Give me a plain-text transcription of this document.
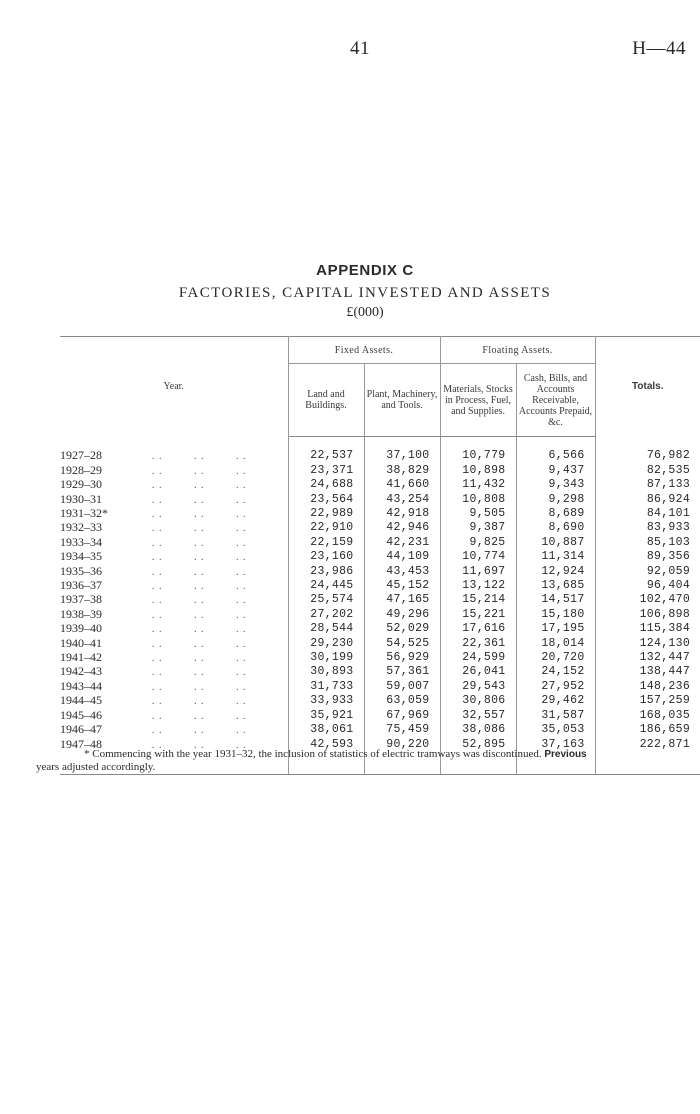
41	H—44
APPENDIX C
FACTORIES, CAPITAL INVESTED AND ASSETS
£(000)
Year.	Fixed Assets.		Floating Assets.		Totals.
	Land and Buildings.	Plant, Machinery, and Tools.	Materials, Stocks in Process, Fuel, and Supplies.	Cash, Bills, and Accounts Receivable, Accounts Prepaid, &c.	

1927–28 . .         . .         . .	22,537	37,100	10,779	6,566	76,982
1928–29 . .         . .         . .	23,371	38,829	10,898	9,437	82,535
1929–30 . .         . .         . .	24,688	41,660	11,432	9,343	87,133
1930–31 . .         . .         . .	23,564	43,254	10,808	9,298	86,924
1931–32* . .         . .         . .	22,989	42,918	9,505	8,689	84,101
1932–33 . .         . .         . .	22,910	42,946	9,387	8,690	83,933
1933–34 . .         . .         . .	22,159	42,231	9,825	10,887	85,103
1934–35 . .         . .         . .	23,160	44,109	10,774	11,314	89,356
1935–36 . .         . .         . .	23,986	43,453	11,697	12,924	92,059
1936–37 . .         . .         . .	24,445	45,152	13,122	13,685	96,404
1937–38 . .         . .         . .	25,574	47,165	15,214	14,517	102,470
1938–39 . .         . .         . .	27,202	49,296	15,221	15,180	106,898
1939–40 . .         . .         . .	28,544	52,029	17,616	17,195	115,384
1940–41 . .         . .         . .	29,230	54,525	22,361	18,014	124,130
1941–42 . .         . .         . .	30,199	56,929	24,599	20,720	132,447
1942–43 . .         . .         . .	30,893	57,361	26,041	24,152	138,447
1943–44 . .         . .         . .	31,733	59,007	29,543	27,952	148,236
1944–45 . .         . .         . .	33,933	63,059	30,806	29,462	157,259
1945–46 . .         . .         . .	35,921	67,969	32,557	31,587	168,035
1946–47 . .         . .         . .	38,061	75,459	38,086	35,053	186,659
1947–48 . .         . .         . .	42,593	90,220	52,895	37,163	222,871

* Commencing with the year 1931–32, the inclusion of statistics of electric tramways was discontinued. Previous
years adjusted accordingly.
